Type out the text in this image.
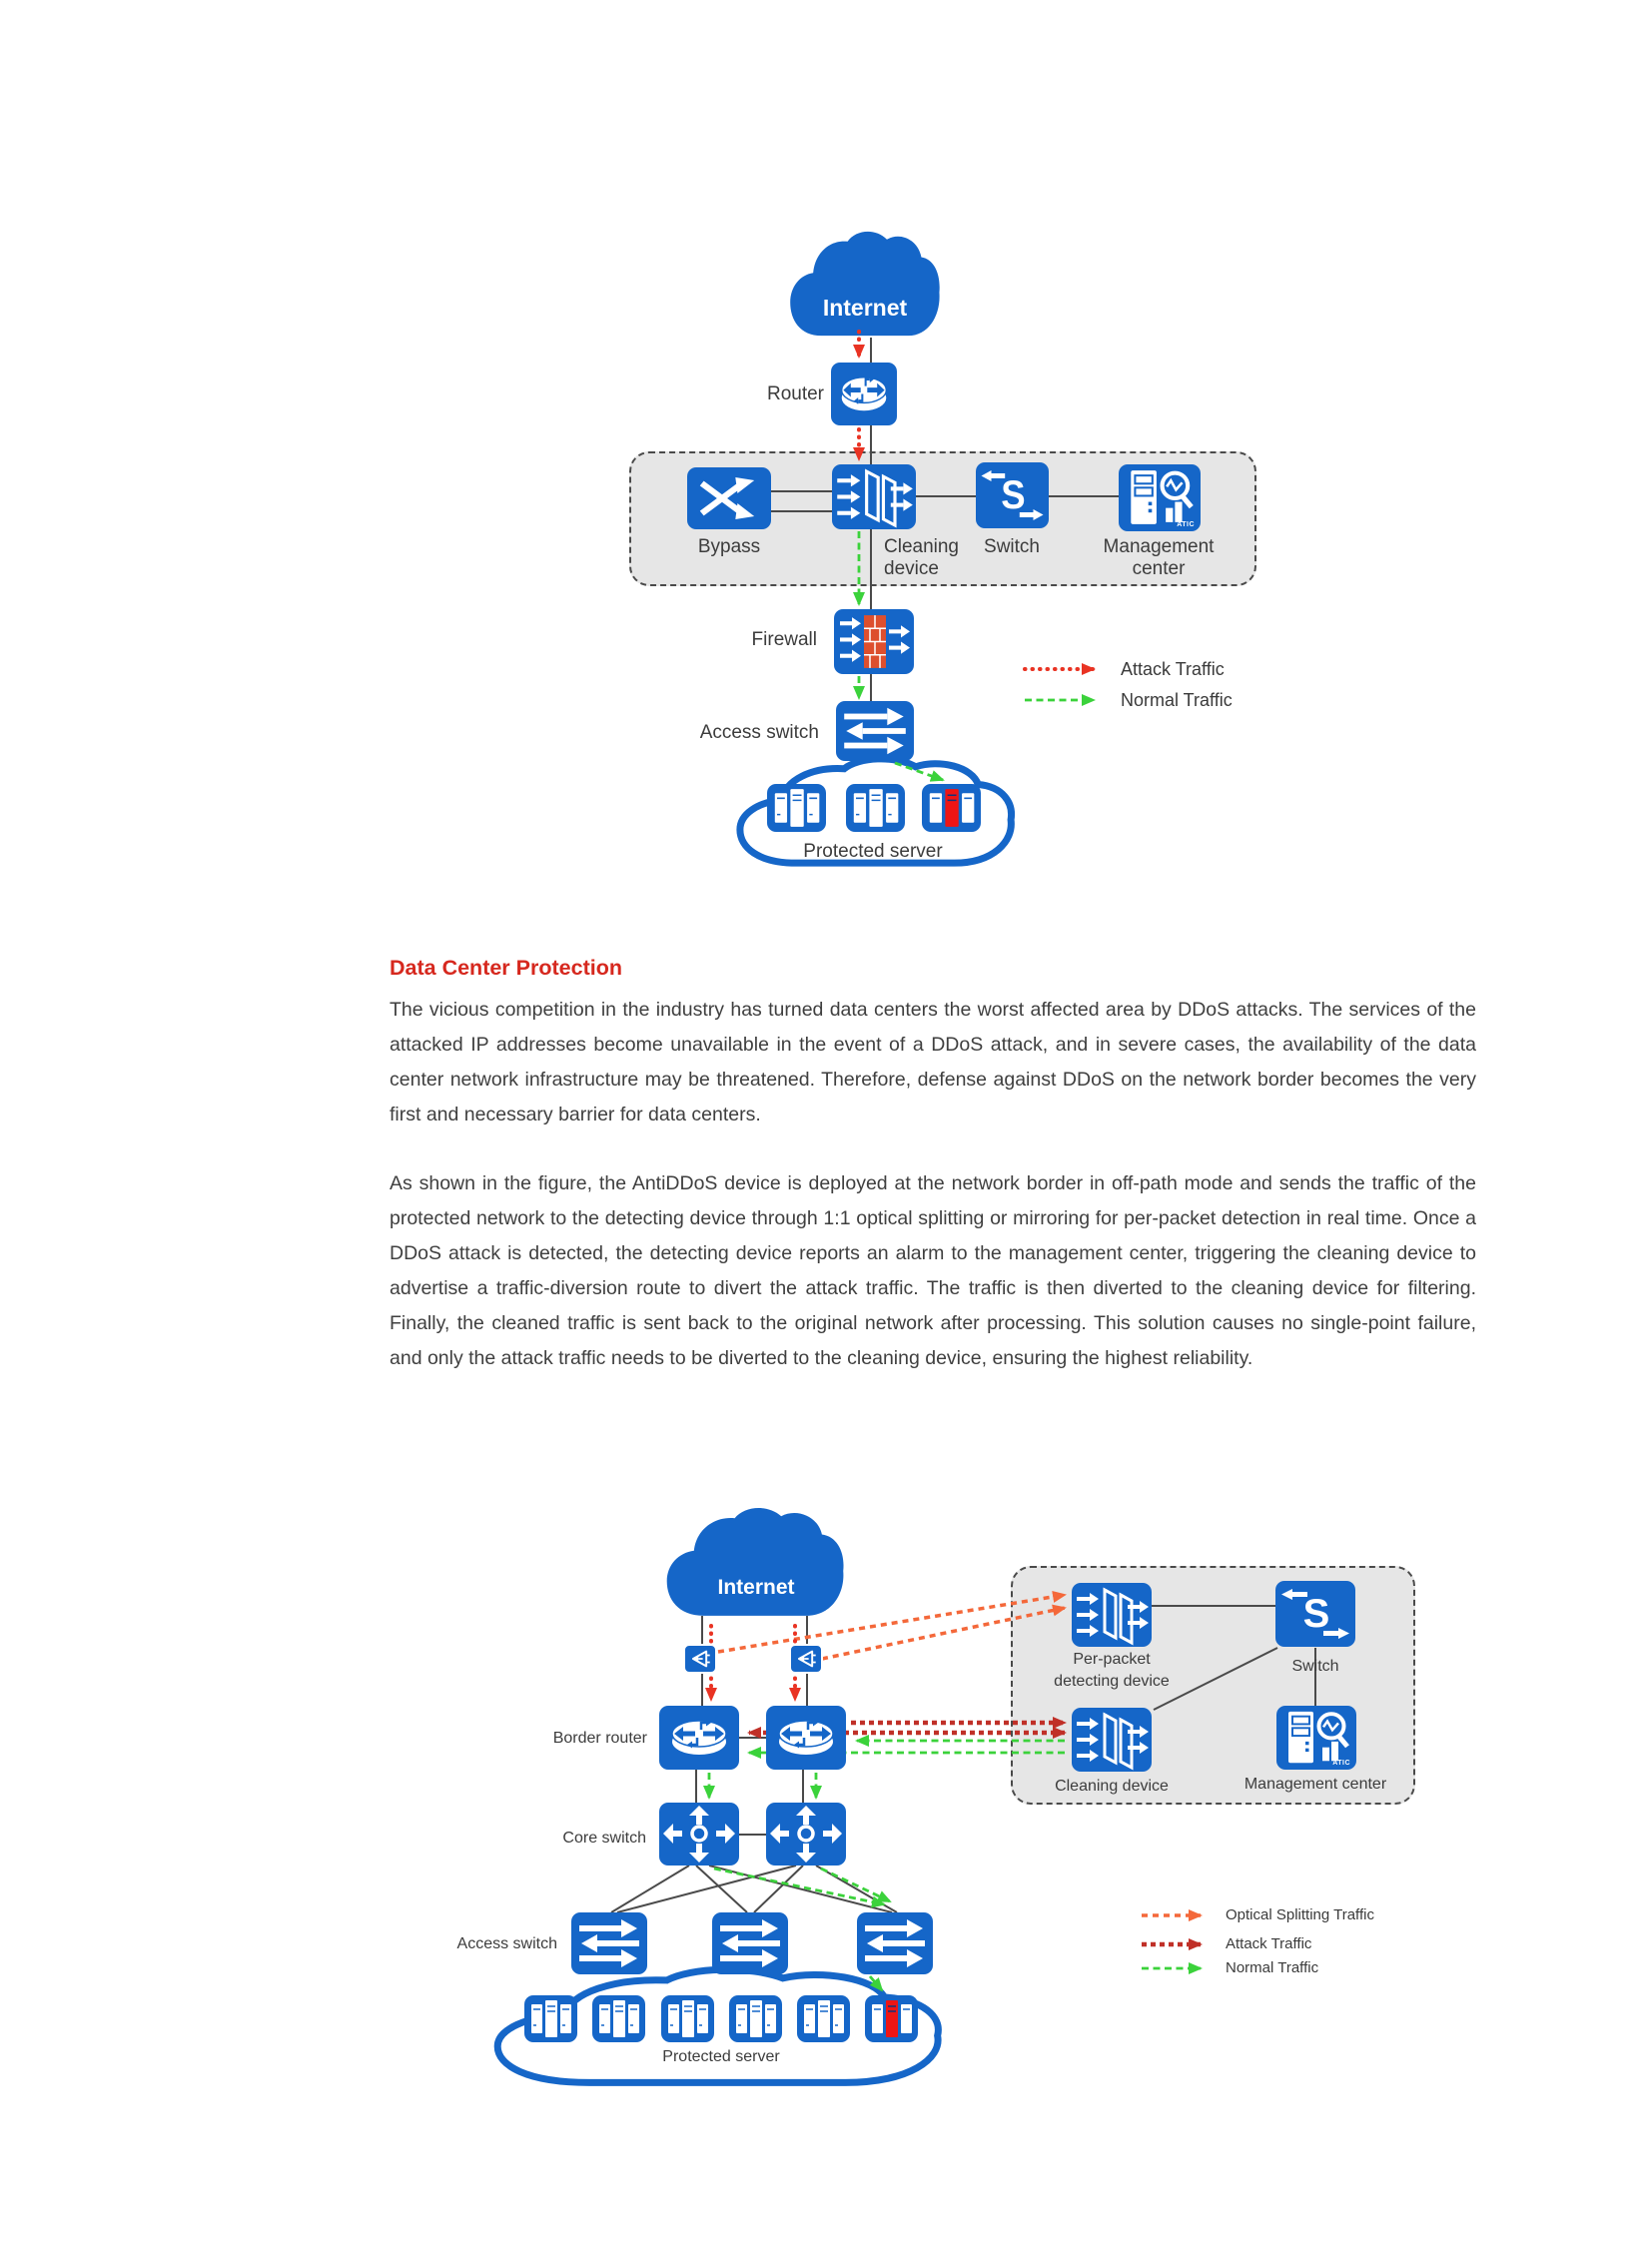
ATIC
Internet
Router
Bypass	Cleaning
device
Switch	Management
center
Firewall
Access switch
Protected server
Attack Traffic
Normal Traffic
Data Center Protection

The vicious competition in the industry has turned data centers the worst affected area by DDoS attacks. The services of the attacked IP addresses become unavailable in the event of a DDoS attack, and in severe cases, the availability of the data center network infrastructure may be threatened. Therefore, defense against DDoS on the network border becomes the very first and necessary barrier for data centers.

As shown in the figure, the AntiDDoS device is deployed at the network border in off-path mode and sends the traffic of the protected network to the detecting device through 1:1 optical splitting or mirroring for per-packet detection in real time. Once a DDoS attack is detected, the detecting device reports an alarm to the management center, triggering the cleaning device to advertise a traffic-diversion route to divert the attack traffic. The traffic is then diverted to the cleaning device for filtering. Finally, the cleaned traffic is sent back to the original network after processing. This solution causes no single-point failure, and only the attack traffic needs to be diverted to the cleaning device, ensuring the highest reliability.

ATIC
Internet
Border router
Core switch
Access switch
Protected server
Per-packet
detecting device
Switch
Cleaning device	Management center
Optical Splitting Traffic
Attack Traffic
Normal Traffic
